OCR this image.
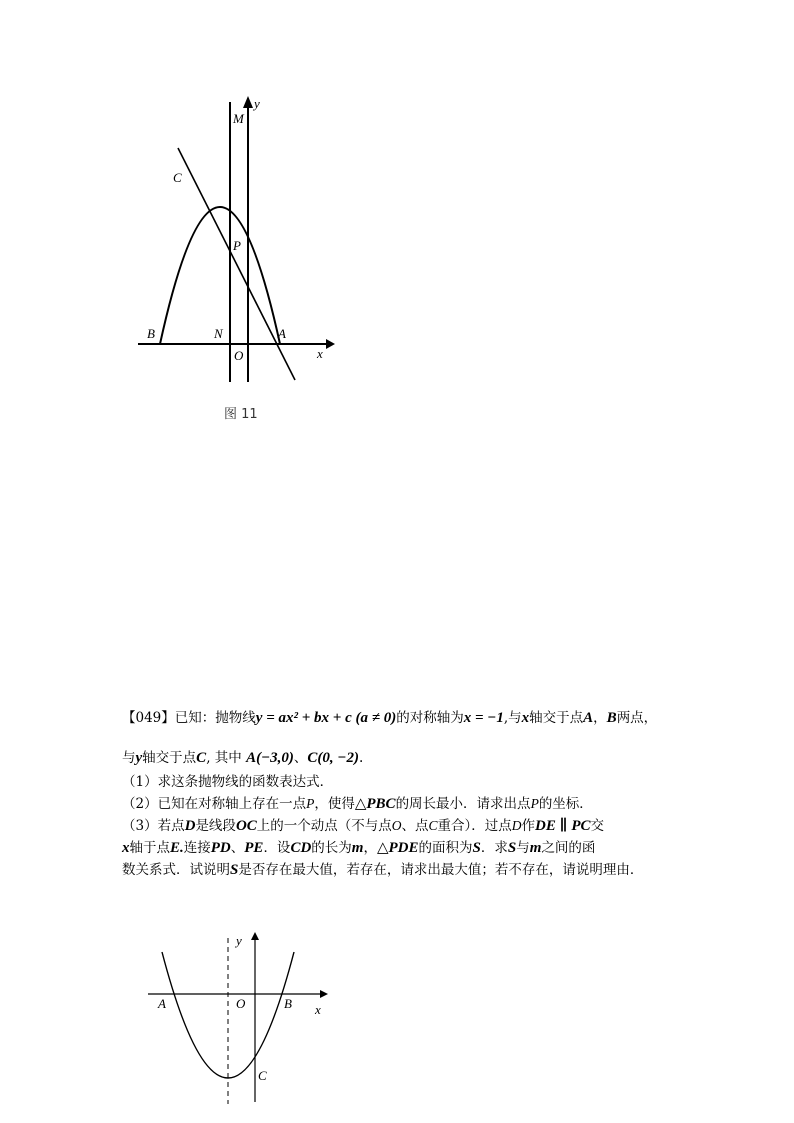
y
x
M
C
P
B	N	A
O
图 11
【049】已知：抛物线y = ax² + bx + c (a ≠ 0)的对称轴为x = −1,与x轴交于点A，B两点，
与y轴交于点C, 其中 A(−3,0)、C(0, −2).
（1）求这条抛物线的函数表达式．
（2）已知在对称轴上存在一点P，使得△PBC的周长最小．请求出点P的坐标．
（3）若点D是线段OC上的一个动点（不与点O、点C重合）．过点D作DE ∥ PC交
x轴于点E.连接PD、PE．设CD的长为m，△PDE的面积为S．求S与m之间的函
数关系式．试说明S是否存在最大值，若存在，请求出最大值；若不存在，请说明理由．
y
x
A	O	B
C
